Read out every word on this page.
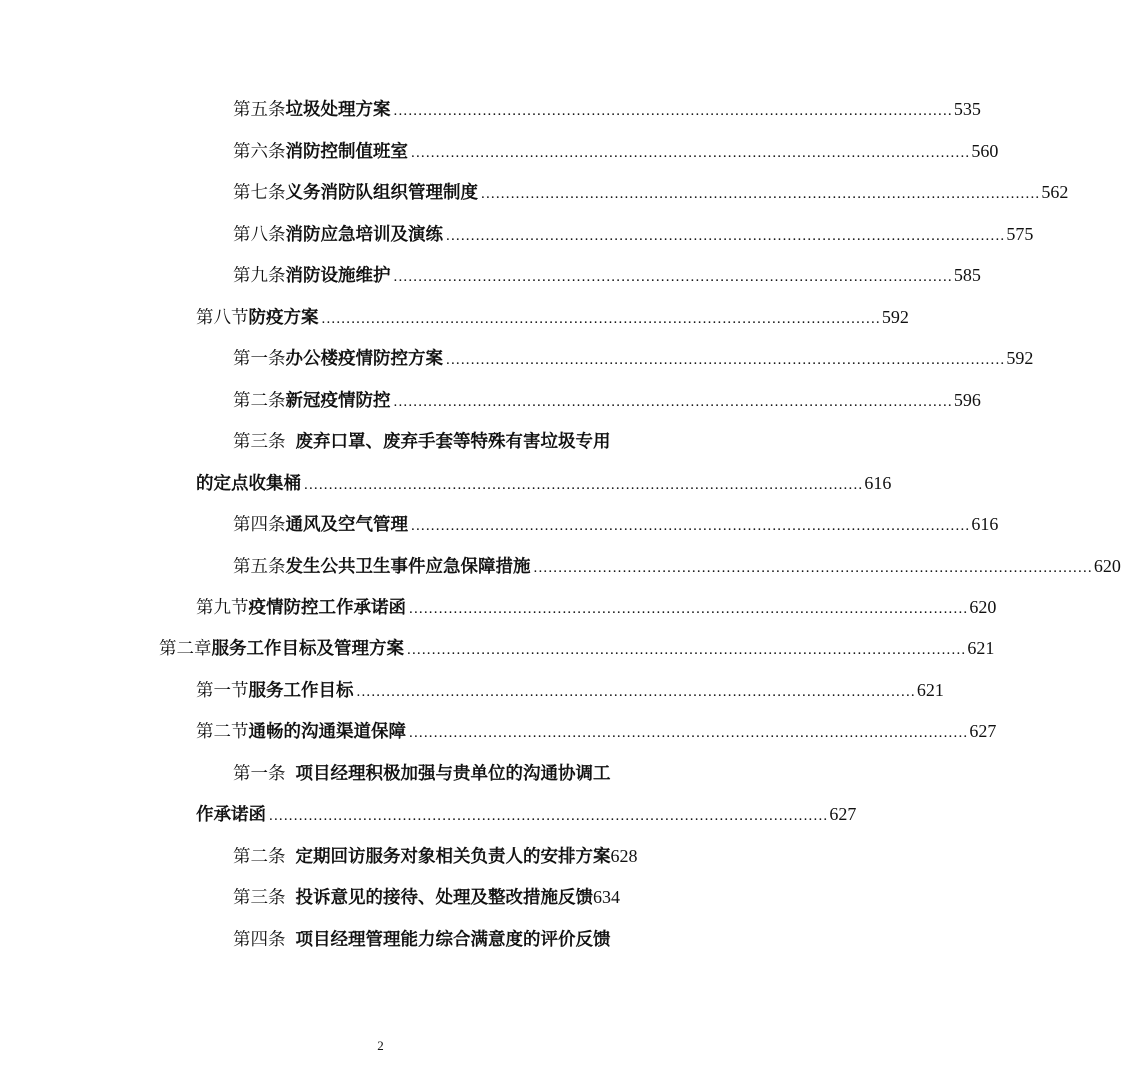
第五条 垃圾处理方案 ................................................................................................................. 535
第六条 消防控制值班室 ................................................................................................................. 560
第七条 义务消防队组织管理制度 ................................................................................................................. 562
第八条 消防应急培训及演练 ................................................................................................................. 575
第九条 消防设施维护 ................................................................................................................. 585
第八节 防疫方案 ................................................................................................................. 592
第一条 办公楼疫情防控方案 ................................................................................................................. 592
第二条 新冠疫情防控 ................................................................................................................. 596
第三条 废弃口罩、废弃手套等特殊有害垃圾专用
的定点收集桶 ................................................................................................................. 616
第四条 通风及空气管理 ................................................................................................................. 616
第五条 发生公共卫生事件应急保障措施 ................................................................................................................. 620
第九节 疫情防控工作承诺函 ................................................................................................................. 620
第二章 服务工作目标及管理方案 ................................................................................................................. 621
第一节 服务工作目标 ................................................................................................................. 621
第二节 通畅的沟通渠道保障 ................................................................................................................. 627
第一条 项目经理积极加强与贵单位的沟通协调工
作承诺函 ................................................................................................................. 627
第二条 定期回访服务对象相关负责人的安排方案 628
第三条 投诉意见的接待、处理及整改措施反馈 634
第四条 项目经理管理能力综合满意度的评价反馈
2
